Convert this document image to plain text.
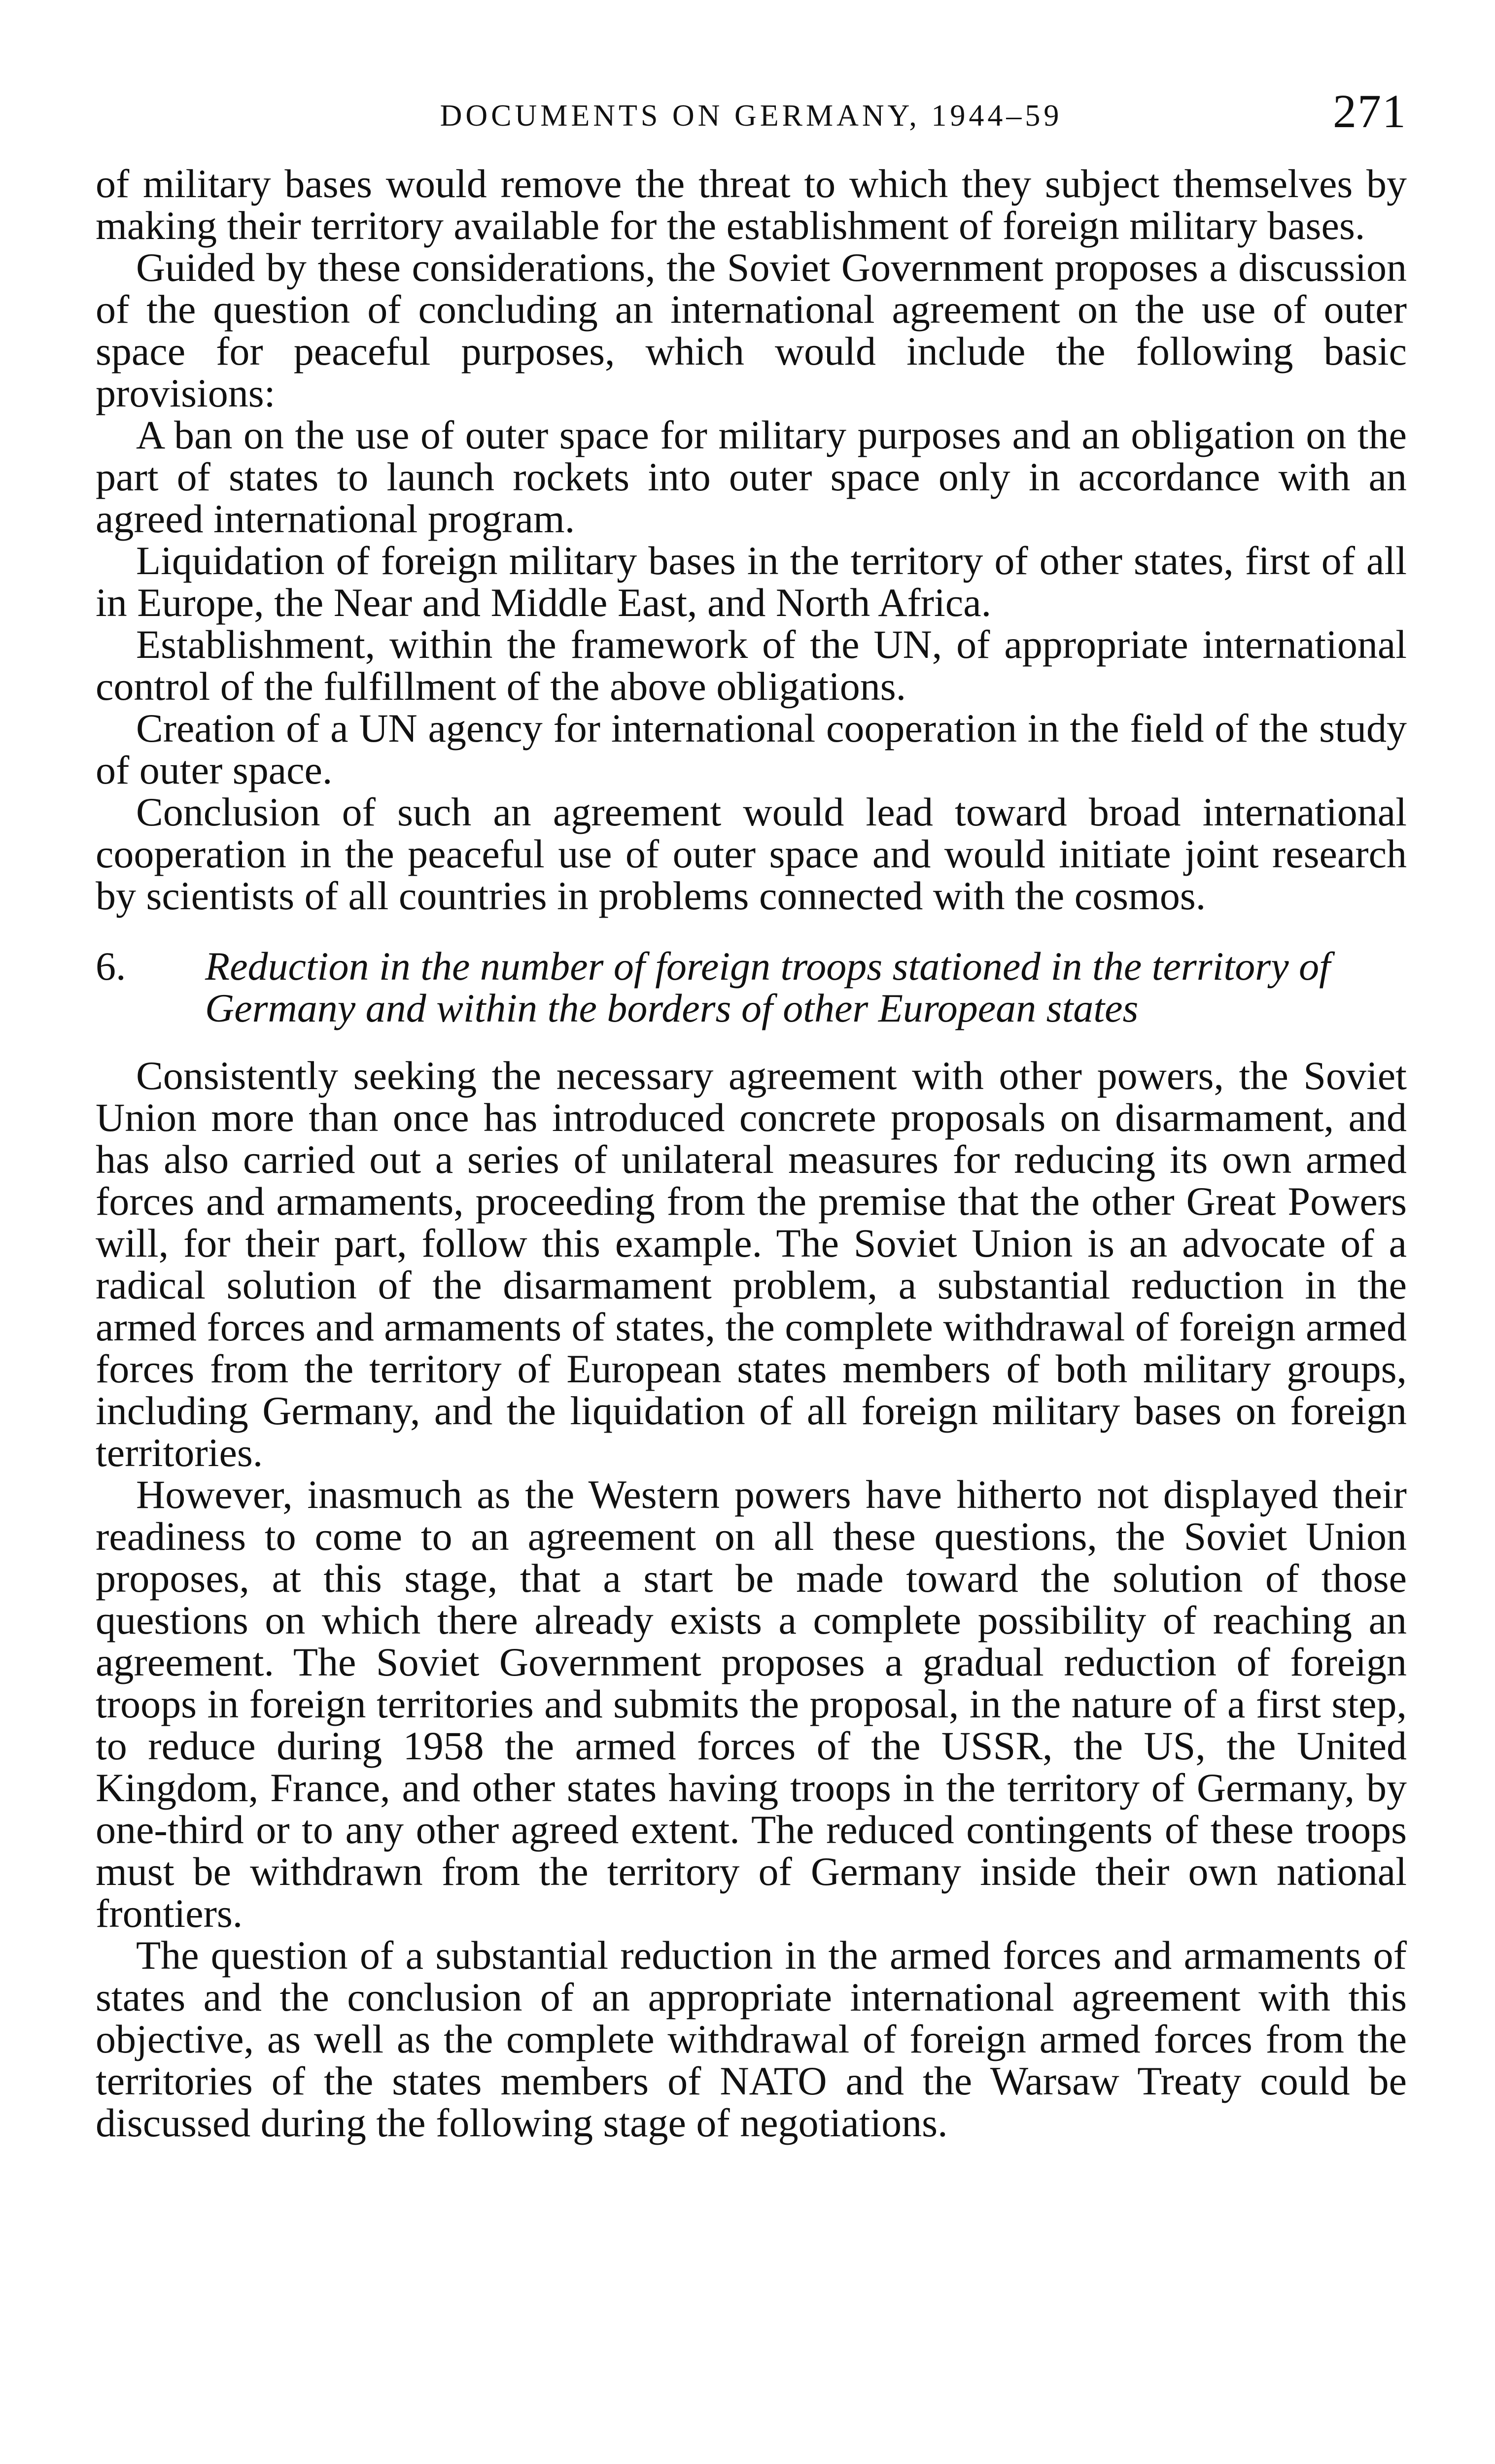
DOCUMENTS ON GERMANY, 1944–59	271

of military bases would remove the threat to which they subject themselves by making their territory available for the establishment of foreign military bases.

Guided by these considerations, the Soviet Government proposes a discussion of the question of concluding an international agreement on the use of outer space for peaceful purposes, which would include the following basic provisions:

A ban on the use of outer space for military purposes and an obligation on the part of states to launch rockets into outer space only in accordance with an agreed international program.

Liquidation of foreign military bases in the territory of other states, first of all in Europe, the Near and Middle East, and North Africa.

Establishment, within the framework of the UN, of appropriate international control of the fulfillment of the above obligations.

Creation of a UN agency for international cooperation in the field of the study of outer space.

Conclusion of such an agreement would lead toward broad international cooperation in the peaceful use of outer space and would initiate joint research by scientists of all countries in problems connected with the cosmos.

6. Reduction in the number of foreign troops stationed in the territory of Germany and within the borders of other European states

Consistently seeking the necessary agreement with other powers, the Soviet Union more than once has introduced concrete proposals on disarmament, and has also carried out a series of unilateral measures for reducing its own armed forces and armaments, proceeding from the premise that the other Great Powers will, for their part, follow this example. The Soviet Union is an advocate of a radical solution of the disarmament problem, a substantial reduction in the armed forces and armaments of states, the complete withdrawal of foreign armed forces from the territory of European states members of both military groups, including Germany, and the liquidation of all foreign military bases on foreign territories.

However, inasmuch as the Western powers have hitherto not displayed their readiness to come to an agreement on all these questions, the Soviet Union proposes, at this stage, that a start be made toward the solution of those questions on which there already exists a complete possibility of reaching an agreement. The Soviet Government proposes a gradual reduction of foreign troops in foreign territories and submits the proposal, in the nature of a first step, to reduce during 1958 the armed forces of the USSR, the US, the United Kingdom, France, and other states having troops in the territory of Germany, by one-third or to any other agreed extent. The reduced contingents of these troops must be withdrawn from the territory of Germany inside their own national frontiers.

The question of a substantial reduction in the armed forces and armaments of states and the conclusion of an appropriate international agreement with this objective, as well as the complete withdrawal of foreign armed forces from the territories of the states members of NATO and the Warsaw Treaty could be discussed during the following stage of negotiations.
